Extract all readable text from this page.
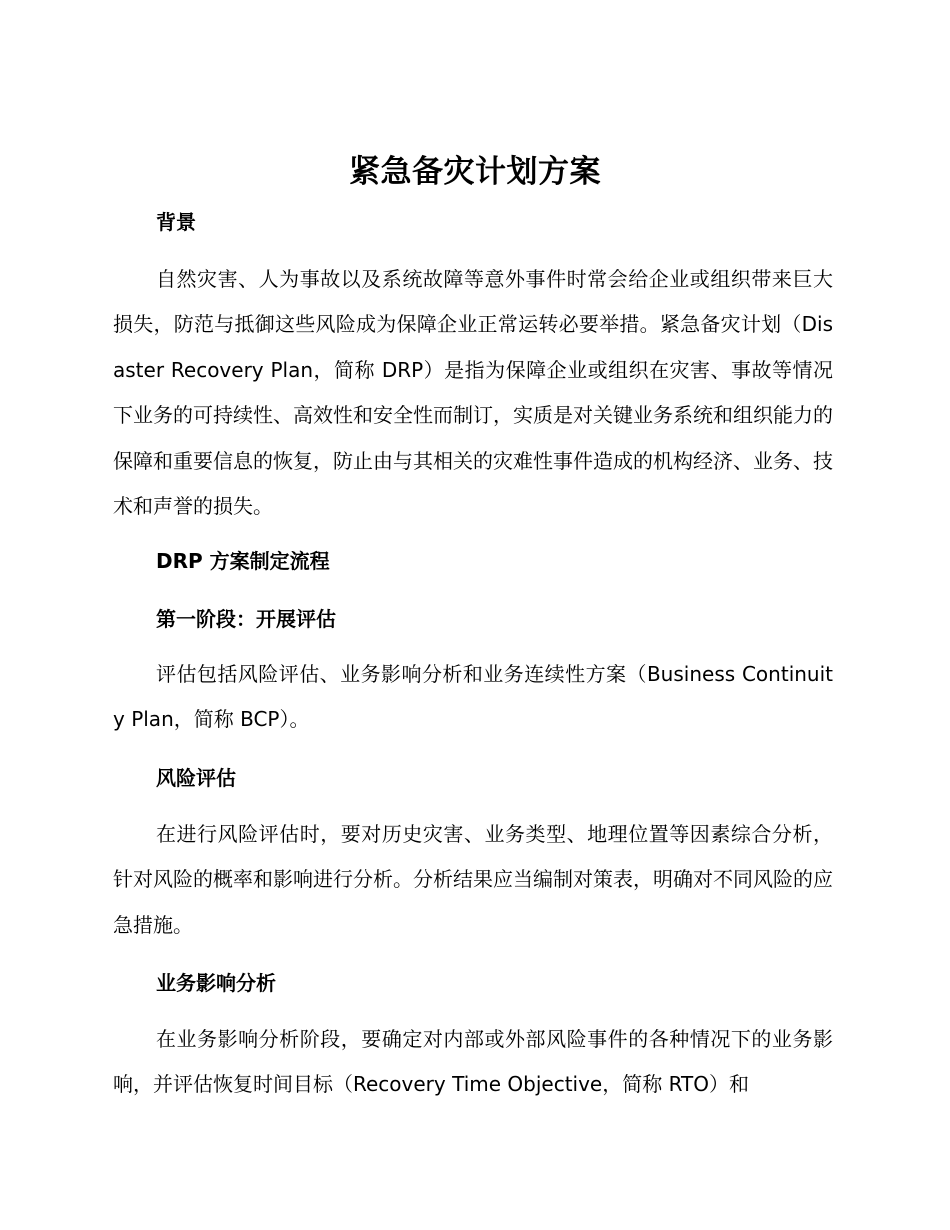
紧急备灾计划方案
背景
自然灾害、人为事故以及系统故障等意外事件时常会给企业或组织带来巨大损失，防范与抵御这些风险成为保障企业正常运转必要举措。紧急备灾计划（Disaster Recovery Plan，简称 DRP）是指为保障企业或组织在灾害、事故等情况下业务的可持续性、高效性和安全性而制订，实质是对关键业务系统和组织能力的保障和重要信息的恢复，防止由与其相关的灾难性事件造成的机构经济、业务、技术和声誉的损失。
DRP 方案制定流程
第一阶段：开展评估
评估包括风险评估、业务影响分析和业务连续性方案（Business Continuity Plan，简称 BCP）。
风险评估
在进行风险评估时，要对历史灾害、业务类型、地理位置等因素综合分析，针对风险的概率和影响进行分析。分析结果应当编制对策表，明确对不同风险的应急措施。
业务影响分析
在业务影响分析阶段，要确定对内部或外部风险事件的各种情况下的业务影响，并评估恢复时间目标（Recovery Time Objective，简称 RTO）和
